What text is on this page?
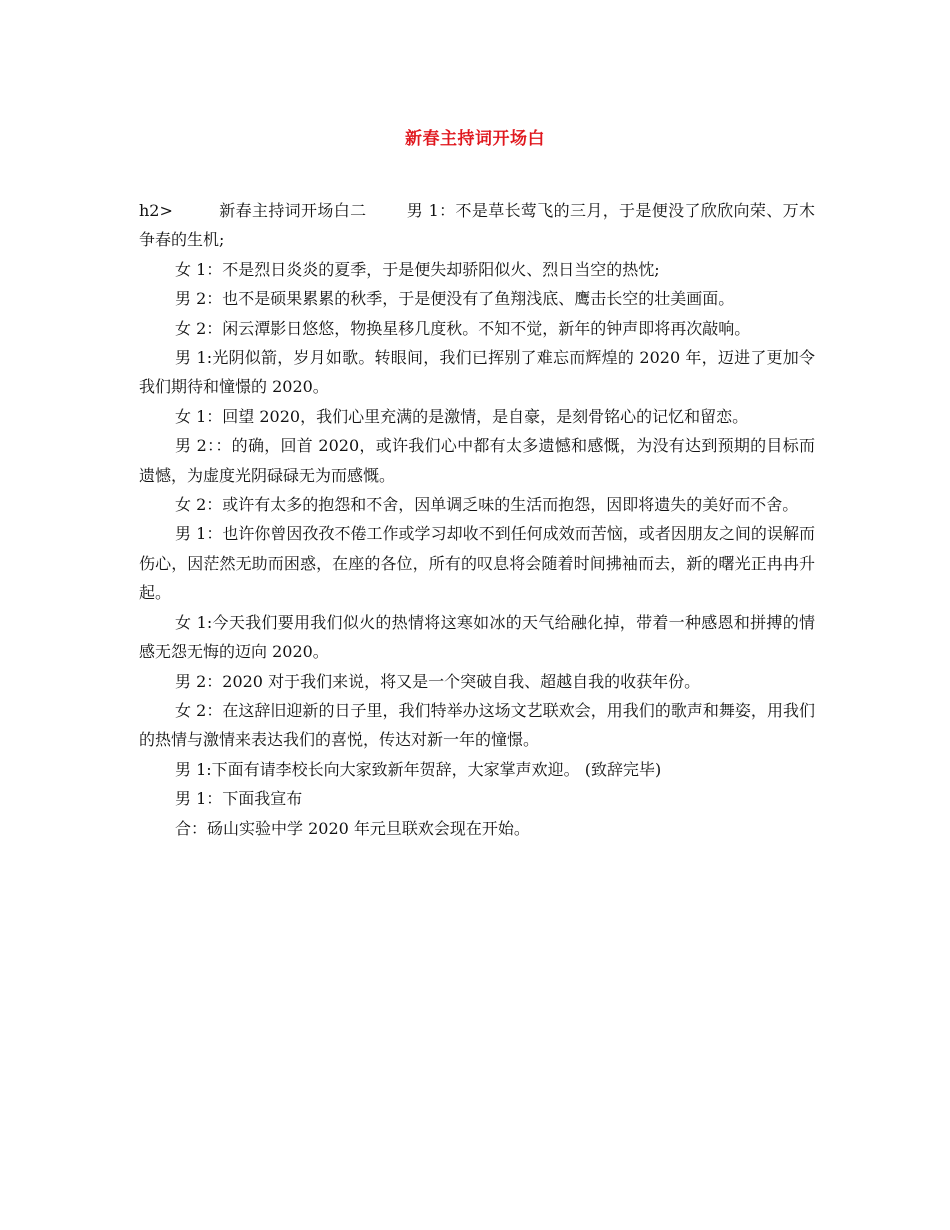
新春主持词开场白

h2>	新春主持词开场白二	男 1：不是草长莺飞的三月，于是便没了欣欣向荣、万木争春的生机;

女 1：不是烈日炎炎的夏季，于是便失却骄阳似火、烈日当空的热忱;

男 2：也不是硕果累累的秋季，于是便没有了鱼翔浅底、鹰击长空的壮美画面。

女 2：闲云潭影日悠悠，物换星移几度秋。不知不觉，新年的钟声即将再次敲响。

男 1:光阴似箭，岁月如歌。转眼间，我们已挥别了难忘而辉煌的 2020 年，迈进了更加令我们期待和憧憬的 2020。

女 1：回望 2020，我们心里充满的是激情，是自豪，是刻骨铭心的记忆和留恋。

男 2：：的确，回首 2020，或许我们心中都有太多遗憾和感慨，为没有达到预期的目标而遗憾，为虚度光阴碌碌无为而感慨。

女 2：或许有太多的抱怨和不舍，因单调乏味的生活而抱怨，因即将遗失的美好而不舍。

男 1：也许你曾因孜孜不倦工作或学习却收不到任何成效而苦恼，或者因朋友之间的误解而伤心，因茫然无助而困惑，在座的各位，所有的叹息将会随着时间拂袖而去，新的曙光正冉冉升起。

女 1:今天我们要用我们似火的热情将这寒如冰的天气给融化掉，带着一种感恩和拼搏的情感无怨无悔的迈向 2020。

男 2：2020 对于我们来说，将又是一个突破自我、超越自我的收获年份。

女 2：在这辞旧迎新的日子里，我们特举办这场文艺联欢会，用我们的歌声和舞姿，用我们的热情与激情来表达我们的喜悦，传达对新一年的憧憬。

男 1:下面有请李校长向大家致新年贺辞，大家掌声欢迎。 (致辞完毕)

男 1：下面我宣布

合：砀山实验中学 2020 年元旦联欢会现在开始。
